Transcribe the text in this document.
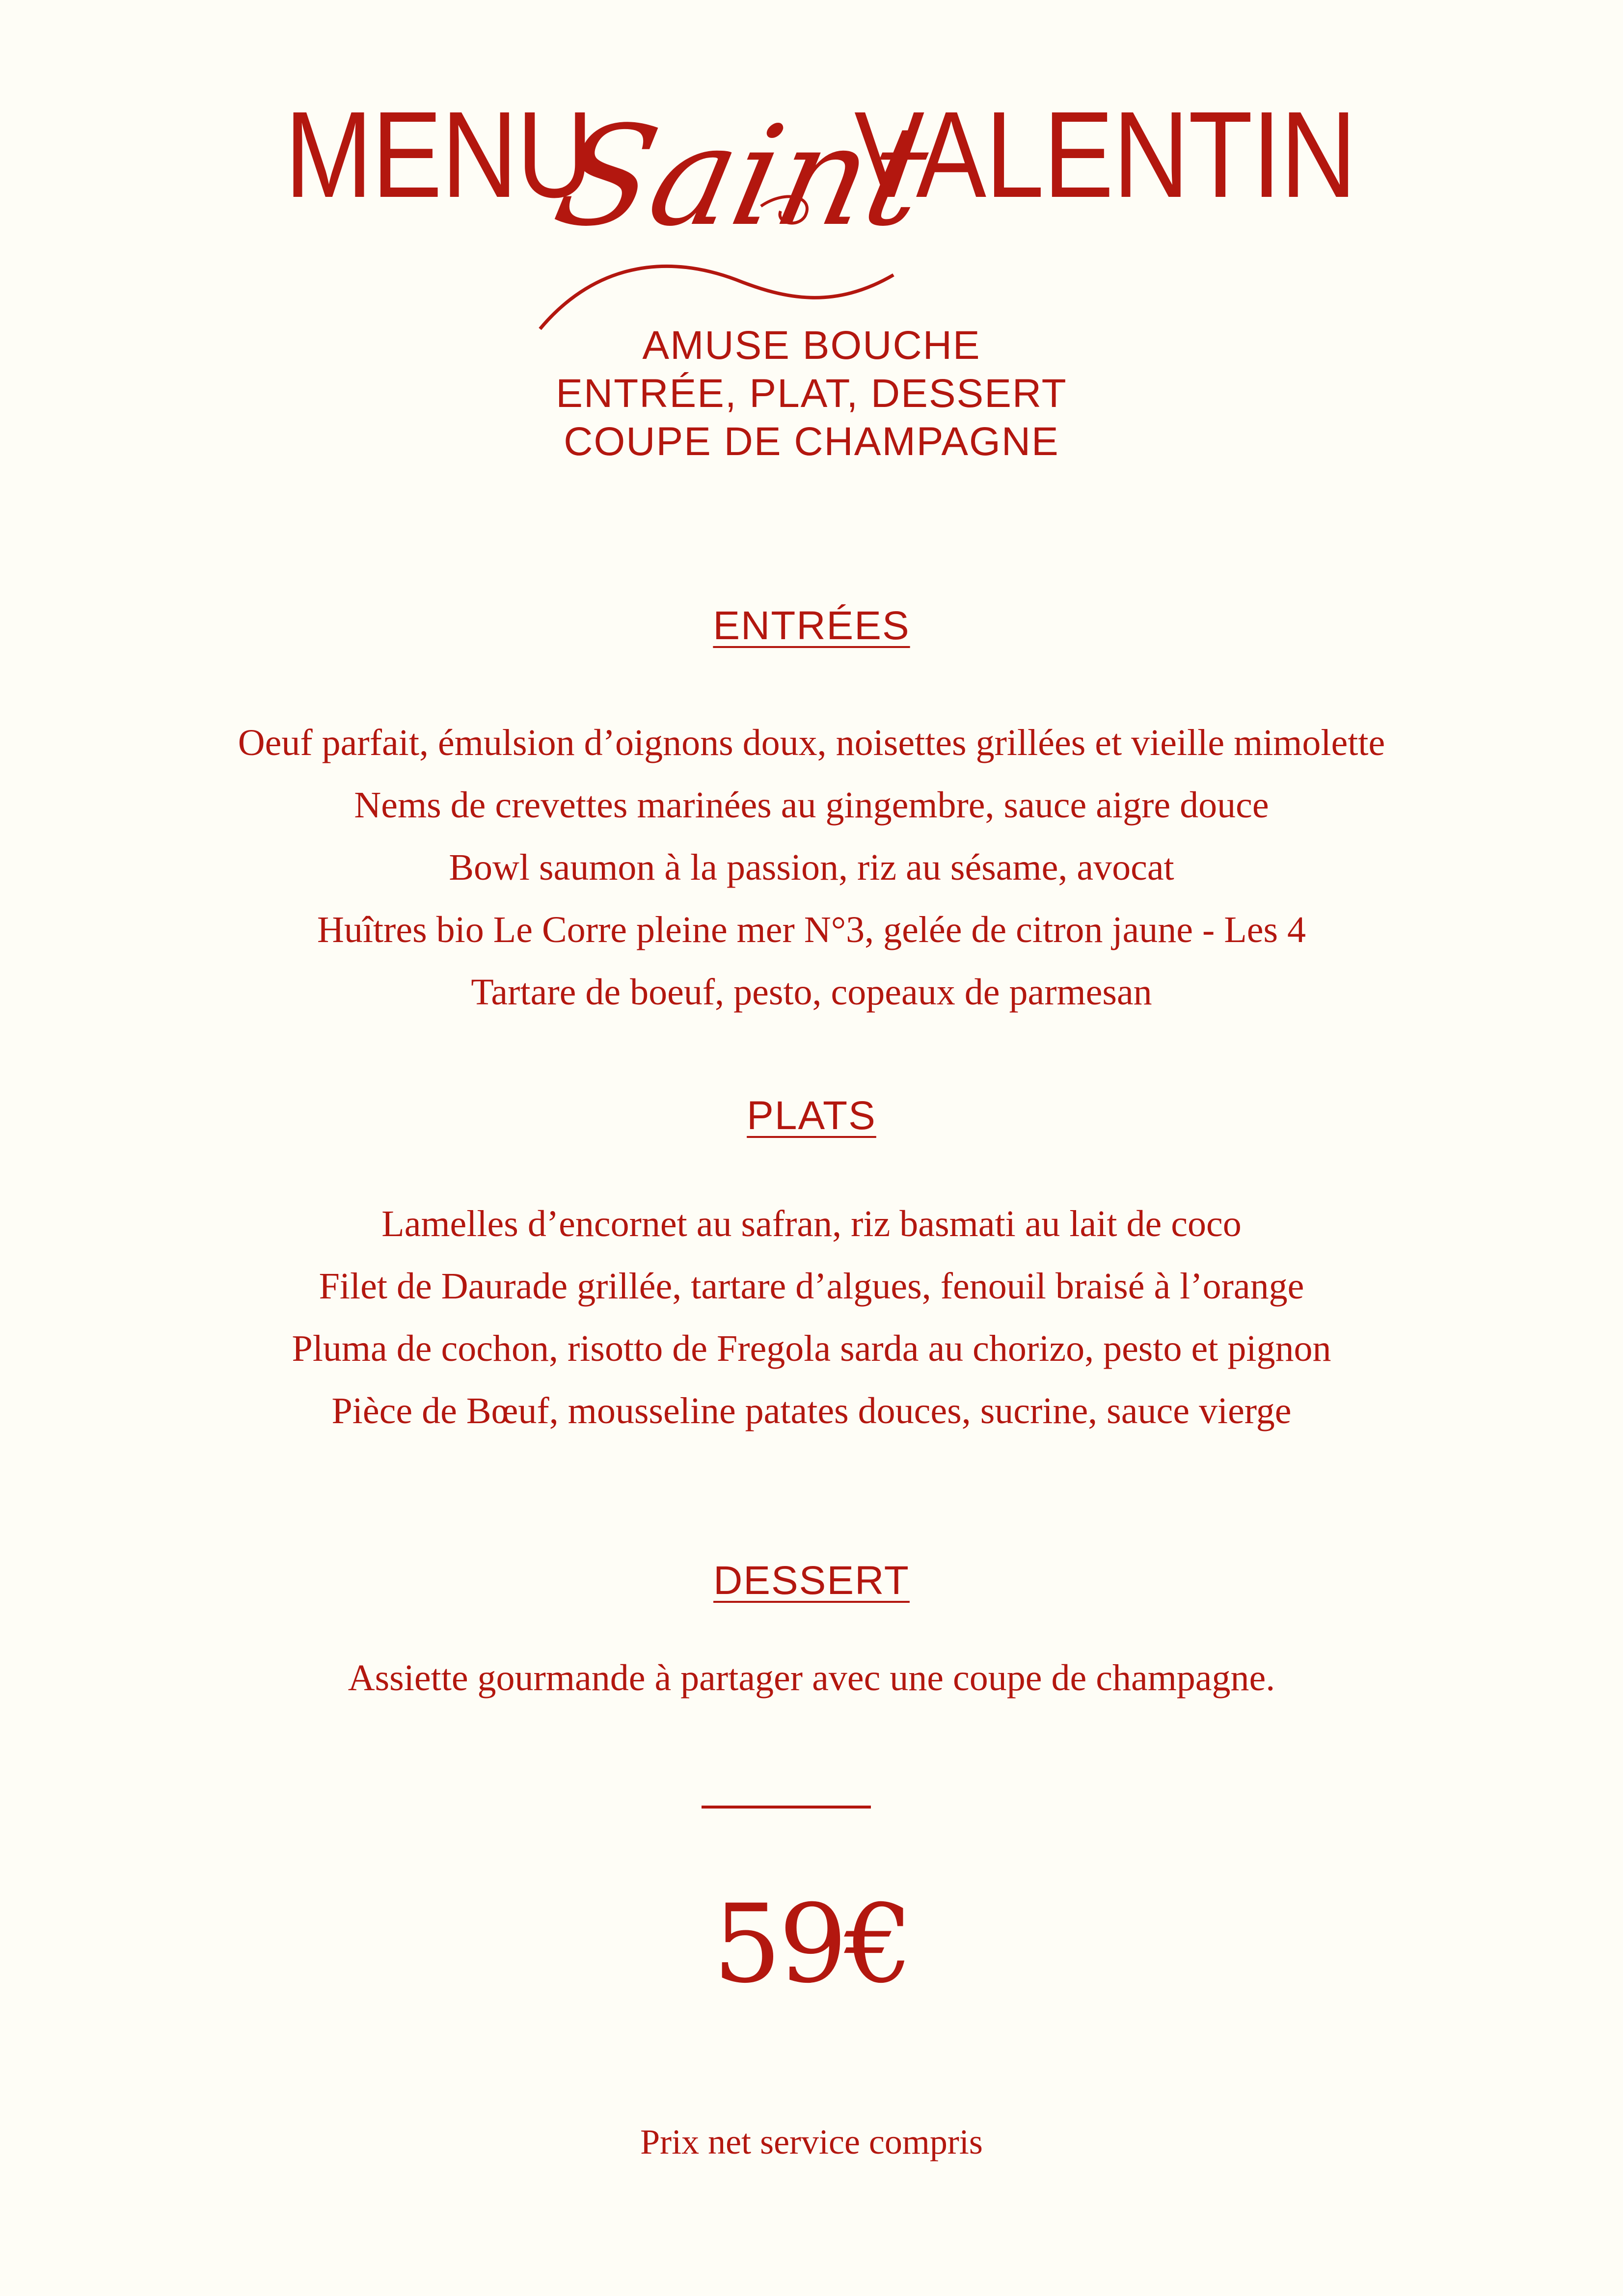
MENU
Saint
VALENTIN
AMUSE BOUCHE
ENTRÉE, PLAT, DESSERT
COUPE DE CHAMPAGNE
ENTRÉES
Oeuf parfait, émulsion d’oignons doux, noisettes grillées et vieille mimolette
Nems de crevettes marinées au gingembre, sauce aigre douce
Bowl saumon à la passion, riz au sésame, avocat
Huîtres bio Le Corre pleine mer N°3, gelée de citron jaune - Les 4
Tartare de boeuf, pesto, copeaux de parmesan
PLATS
Lamelles d’encornet au safran, riz basmati au lait de coco
Filet de Daurade grillée, tartare d’algues, fenouil braisé à l’orange
Pluma de cochon, risotto de Fregola sarda au chorizo, pesto et pignon
Pièce de Bœuf, mousseline patates douces, sucrine, sauce vierge
DESSERT
Assiette gourmande à partager avec une coupe de champagne.
59€
Prix net service compris
